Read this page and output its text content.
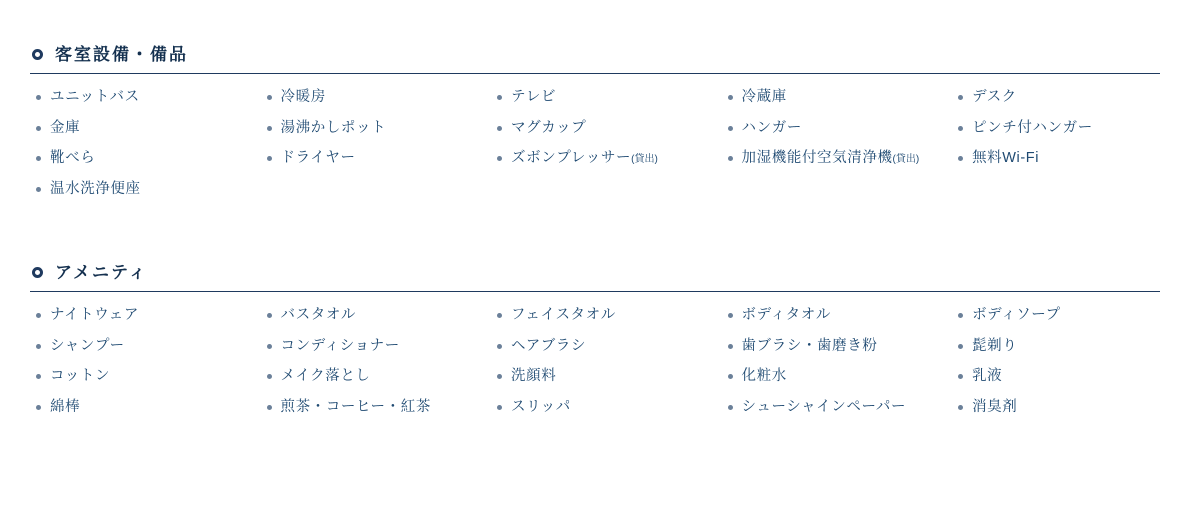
客室設備・備品
ユニットバス
金庫
靴べら
温水洗浄便座
冷暖房
湯沸かしポット
ドライヤー
テレビ
マグカップ
ズボンプレッサー(貸出)
冷蔵庫
ハンガー
加湿機能付空気清浄機(貸出)
デスク
ピンチ付ハンガー
無料Wi-Fi
アメニティ
ナイトウェア
シャンプー
コットン
綿棒
バスタオル
コンディショナー
メイク落とし
煎茶・コーヒー・紅茶
フェイスタオル
ヘアブラシ
洗顔料
スリッパ
ボディタオル
歯ブラシ・歯磨き粉
化粧水
シューシャインペーパー
ボディソープ
髭剃り
乳液
消臭剤
